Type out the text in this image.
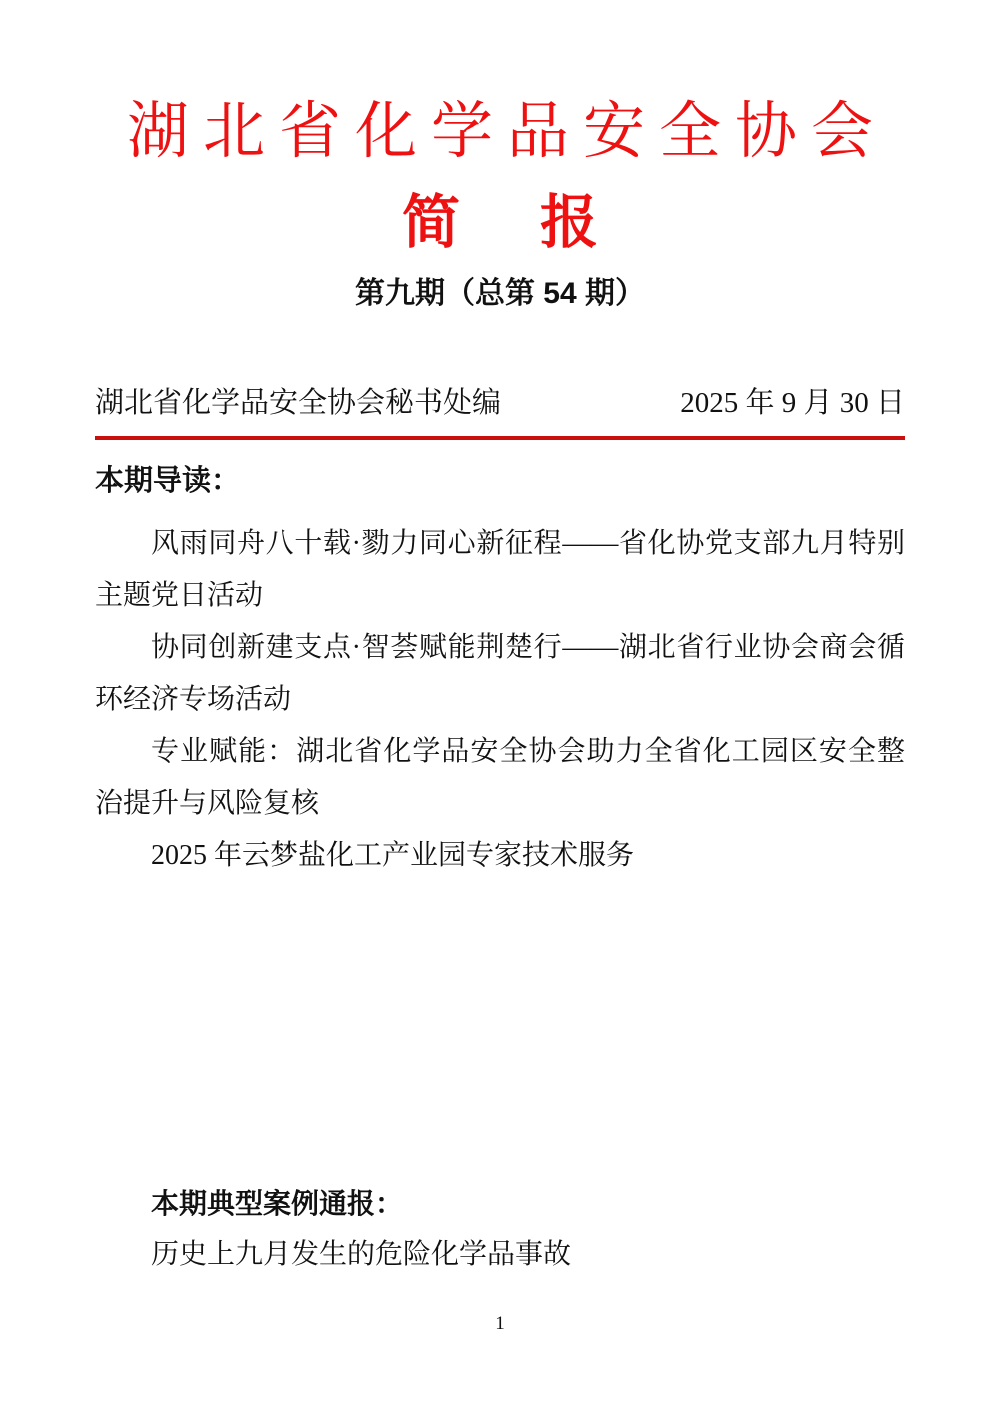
湖北省化学品安全协会
简 报
第九期（总第 54 期）
湖北省化学品安全协会秘书处编	2025 年 9 月 30 日
本期导读：

风雨同舟八十载·勠力同心新征程——省化协党支部九月特别主题党日活动

协同创新建支点·智荟赋能荆楚行——湖北省行业协会商会循环经济专场活动

专业赋能：湖北省化学品安全协会助力全省化工园区安全整治提升与风险复核

2025 年云梦盐化工产业园专家技术服务

本期典型案例通报：

历史上九月发生的危险化学品事故

1
